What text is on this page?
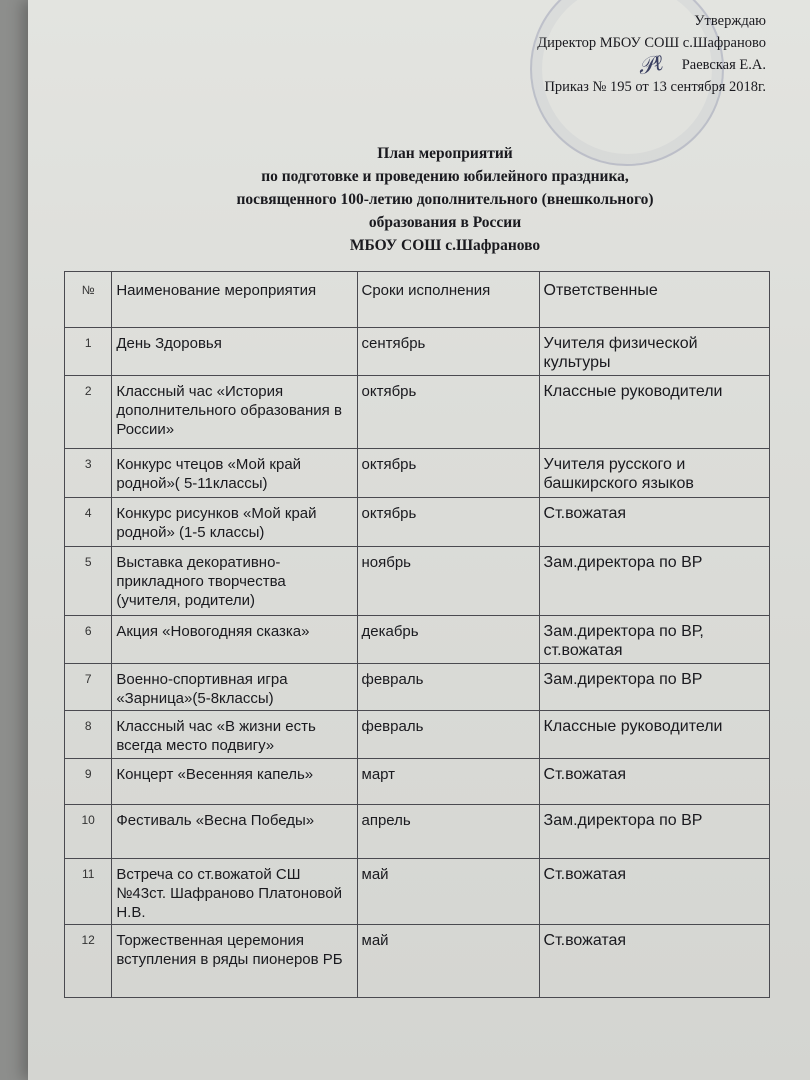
𝒫ℓ
Утверждаю
Директор МБОУ СОШ с.Шафраново
Раевская Е.А.
Приказ № 195 от 13 сентября 2018г.
План мероприятий
по подготовке и проведению юбилейного праздника,
посвященного 100-летию дополнительного (внешкольного)
образования в России
МБОУ СОШ с.Шафраново
№	Наименование мероприятия	Сроки исполнения	Ответственные
1	День Здоровья	сентябрь	Учителя физической культуры
2	Классный час «История дополнительного образования в России»	октябрь	Классные руководители
3	Конкурс чтецов «Мой край родной»( 5-11классы)	октябрь	Учителя русского и башкирского языков
4	Конкурс рисунков «Мой край родной» (1-5 классы)	октябрь	Ст.вожатая
5	Выставка декоративно-прикладного творчества (учителя, родители)	ноябрь	Зам.директора по ВР
6	Акция «Новогодняя сказка»	декабрь	Зам.директора по ВР, ст.вожатая
7	Военно-спортивная игра «Зарница»(5-8классы)	февраль	Зам.директора по ВР
8	Классный час «В жизни есть всегда место подвигу»	февраль	Классные руководители
9	Концерт «Весенняя капель»	март	Ст.вожатая
10	Фестиваль «Весна Победы»	апрель	Зам.директора по ВР
11	Встреча со ст.вожатой СШ №43ст. Шафраново Платоновой Н.В.	май	Ст.вожатая
12	Торжественная церемония вступления в ряды пионеров РБ	май	Ст.вожатая
